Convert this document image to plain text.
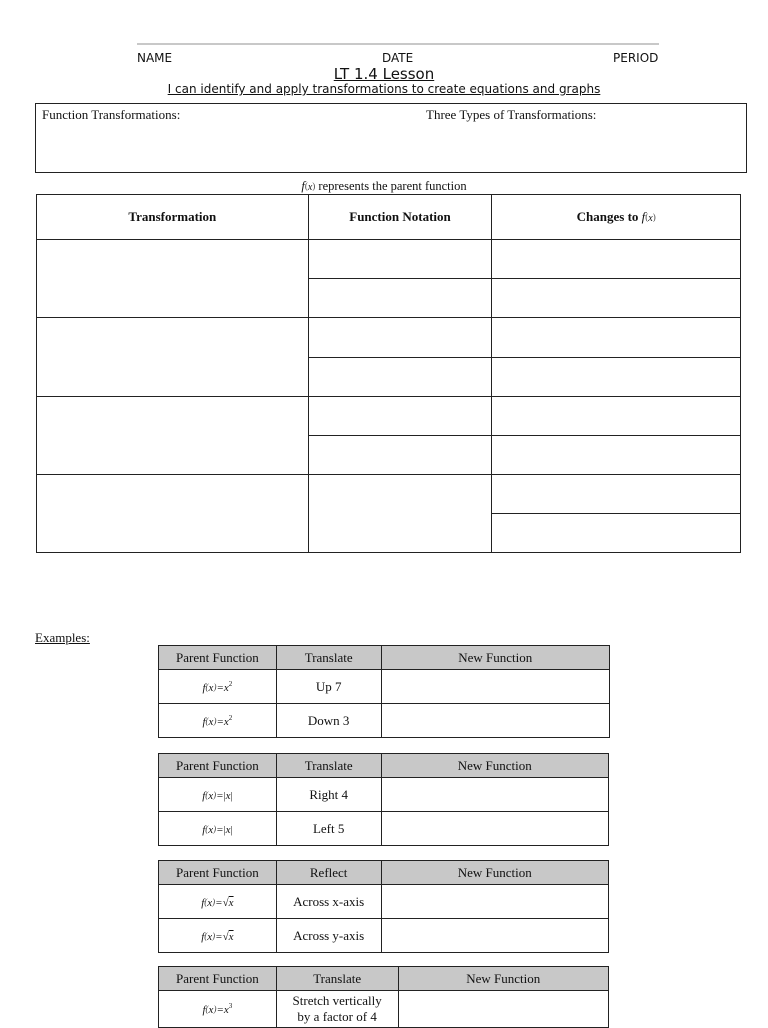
NAME	DATE	PERIOD
LT 1.4 Lesson
I can identify and apply transformations to create equations and graphs
Function Transformations:	Three Types of Transformations:
f(x) represents the parent function
Transformation	Function Notation	Changes to f(x)

Examples:
Parent Function	Translate	New Function
$f(x)=x^2$	Up 7	
$f(x)=x^2$	Down 3	
Parent Function	Translate	New Function
f(x)=|x|	Right 4	
f(x)=|x|	Left 5	
Parent Function	Reflect	New Function
f(x)=√x	Across x-axis	
f(x)=√x	Across y-axis	
Parent Function	Translate	New Function
$f(x)=x^3$	Stretch vertically
by a factor of 4	
